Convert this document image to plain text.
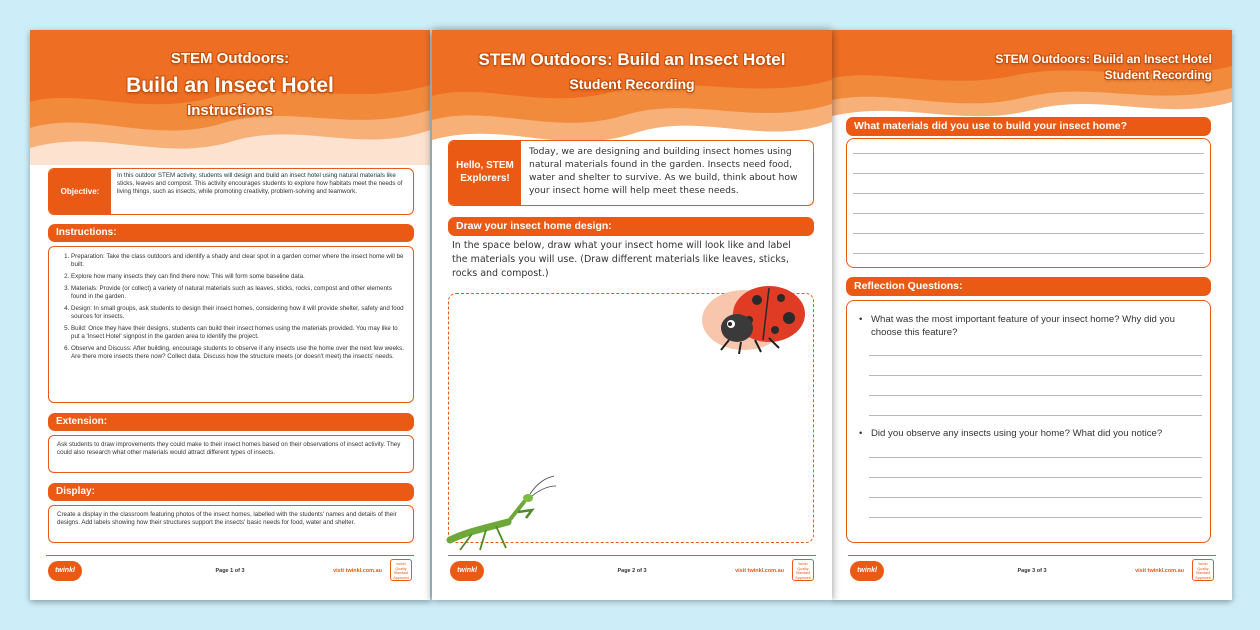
STEM Outdoors:
Build an Insect Hotel
Instructions
Objective:
In this outdoor STEM activity, students will design and build an insect hotel using natural materials like sticks, leaves and compost. This activity encourages students to explore how habitats meet the needs of living things, such as insects, while promoting creativity, problem-solving and teamwork.
Instructions:
1. Preparation: Take the class outdoors and identify a shady and clear spot in a garden corner where the insect home will be built.
2. Explore how many insects they can find there now. This will form some baseline data.
3. Materials: Provide (or collect) a variety of natural materials such as leaves, sticks, rocks, compost and other elements found in the garden.
4. Design: In small groups, ask students to design their insect homes, considering how it will provide shelter, safety and food sources for insects.
5. Build: Once they have their designs, students can build their insect homes using the materials provided. You may like to put a 'Insect Hotel' signpost in the garden area to identify the project.
6. Observe and Discuss: After building, encourage students to observe if any insects use the home over the next few weeks. Are there more insects there now? Collect data. Discuss how the structure meets (or doesn't meet) the insects' needs.
Extension:
Ask students to draw improvements they could make to their insect homes based on their observations of insect activity. They could also research what other materials would attract different types of insects.
Display:
Create a display in the classroom featuring photos of the insect homes, labelled with the students' names and details of their designs. Add labels showing how their structures support the insects' basic needs for food, water and shelter.
twinkl	Page 1 of 3	visit twinkl.com.au
twinkl Quality Standard Approved
STEM Outdoors: Build an Insect Hotel
Student Recording
Hello, STEM Explorers!
Today, we are designing and building insect homes using natural materials found in the garden. Insects need food, water and shelter to survive. As we build, think about how your insect home will help meet these needs.
Draw your insect home design:
In the space below, draw what your insect home will look like and label the materials you will use. (Draw different materials like leaves, sticks, rocks and compost.)
twinkl	Page 2 of 3	visit twinkl.com.au
twinkl Quality Standard Approved
STEM Outdoors: Build an Insect Hotel
Student Recording
What materials did you use to build your insect home?
Reflection Questions:
• What was the most important feature of your insect home? Why did you choose this feature?
• Did you observe any insects using your home? What did you notice?
twinkl	Page 3 of 3	visit twinkl.com.au
twinkl Quality Standard Approved
